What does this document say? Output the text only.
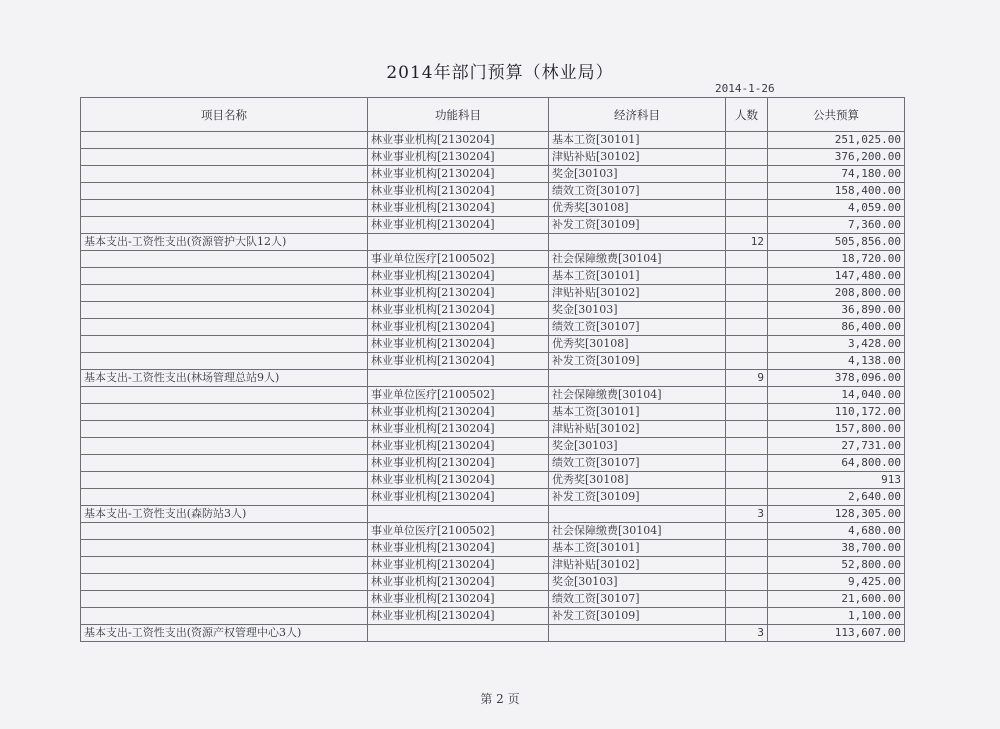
2014年部门预算（林业局）
2014-1-26
项目名称	功能科目	经济科目	人数	公共预算
	林业事业机构[2130204]	基本工资[30101]		251,025.00
	林业事业机构[2130204]	津贴补贴[30102]		376,200.00
	林业事业机构[2130204]	奖金[30103]		74,180.00
	林业事业机构[2130204]	绩效工资[30107]		158,400.00
	林业事业机构[2130204]	优秀奖[30108]		4,059.00
	林业事业机构[2130204]	补发工资[30109]		7,360.00
基本支出-工资性支出(资源管护大队12人)			12	505,856.00
	事业单位医疗[2100502]	社会保障缴费[30104]		18,720.00
	林业事业机构[2130204]	基本工资[30101]		147,480.00
	林业事业机构[2130204]	津贴补贴[30102]		208,800.00
	林业事业机构[2130204]	奖金[30103]		36,890.00
	林业事业机构[2130204]	绩效工资[30107]		86,400.00
	林业事业机构[2130204]	优秀奖[30108]		3,428.00
	林业事业机构[2130204]	补发工资[30109]		4,138.00
基本支出-工资性支出(林场管理总站9人)			9	378,096.00
	事业单位医疗[2100502]	社会保障缴费[30104]		14,040.00
	林业事业机构[2130204]	基本工资[30101]		110,172.00
	林业事业机构[2130204]	津贴补贴[30102]		157,800.00
	林业事业机构[2130204]	奖金[30103]		27,731.00
	林业事业机构[2130204]	绩效工资[30107]		64,800.00
	林业事业机构[2130204]	优秀奖[30108]		913
	林业事业机构[2130204]	补发工资[30109]		2,640.00
基本支出-工资性支出(森防站3人)			3	128,305.00
	事业单位医疗[2100502]	社会保障缴费[30104]		4,680.00
	林业事业机构[2130204]	基本工资[30101]		38,700.00
	林业事业机构[2130204]	津贴补贴[30102]		52,800.00
	林业事业机构[2130204]	奖金[30103]		9,425.00
	林业事业机构[2130204]	绩效工资[30107]		21,600.00
	林业事业机构[2130204]	补发工资[30109]		1,100.00
基本支出-工资性支出(资源产权管理中心3人)			3	113,607.00
第 2 页
